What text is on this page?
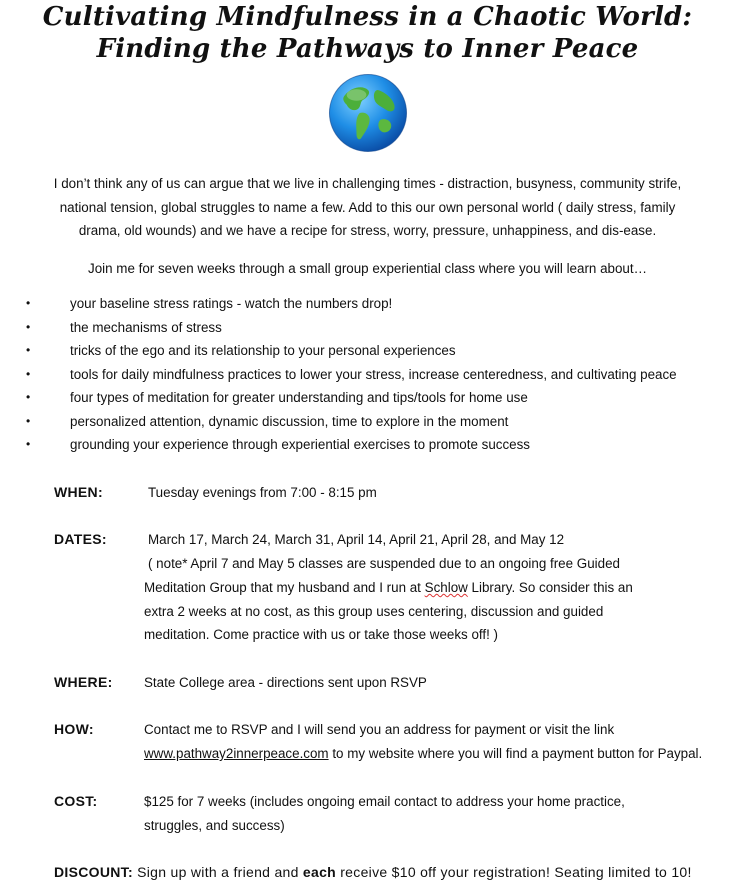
Cultivating Mindfulness in a Chaotic World:
Finding the Pathways to Inner Peace
I don’t think any of us can argue that we live in challenging times - distraction, busyness, community strife, national tension, global struggles to name a few. Add to this our own personal world ( daily stress, family drama, old wounds) and we have a recipe for stress, worry, pressure, unhappiness, and dis-ease.
Join me for seven weeks through a small group experiential class where you will learn about…
•	your baseline stress ratings - watch the numbers drop!
•	the mechanisms of stress
•	tricks of the ego and its relationship to your personal experiences
•	tools for daily mindfulness practices to lower your stress, increase centeredness, and cultivating peace
•	four types of meditation for greater understanding and tips/tools for home use
•	personalized attention, dynamic discussion, time to explore in the moment
•	grounding your experience through experiential exercises to promote success
WHEN:	Tuesday evenings from 7:00 - 8:15 pm
DATES:	March 17, March 24, March 31, April 14, April 21, April 28, and May 12
( note* April 7 and May 5 classes are suspended due to an ongoing free Guided
Meditation Group that my husband and I run at Schlow Library. So consider this an
extra 2 weeks at no cost, as this group uses centering, discussion and guided
meditation. Come practice with us or take those weeks off! )
WHERE: State College area - directions sent upon RSVP
HOW:	Contact me to RSVP and I will send you an address for payment or visit the link
www.pathway2innerpeace.com to my website where you will find a payment button for Paypal.
COST:	$125 for 7 weeks (includes ongoing email contact to address your home practice,
struggles, and success)
DISCOUNT: Sign up with a friend and each receive $10 off your registration! Seating limited to 10!
